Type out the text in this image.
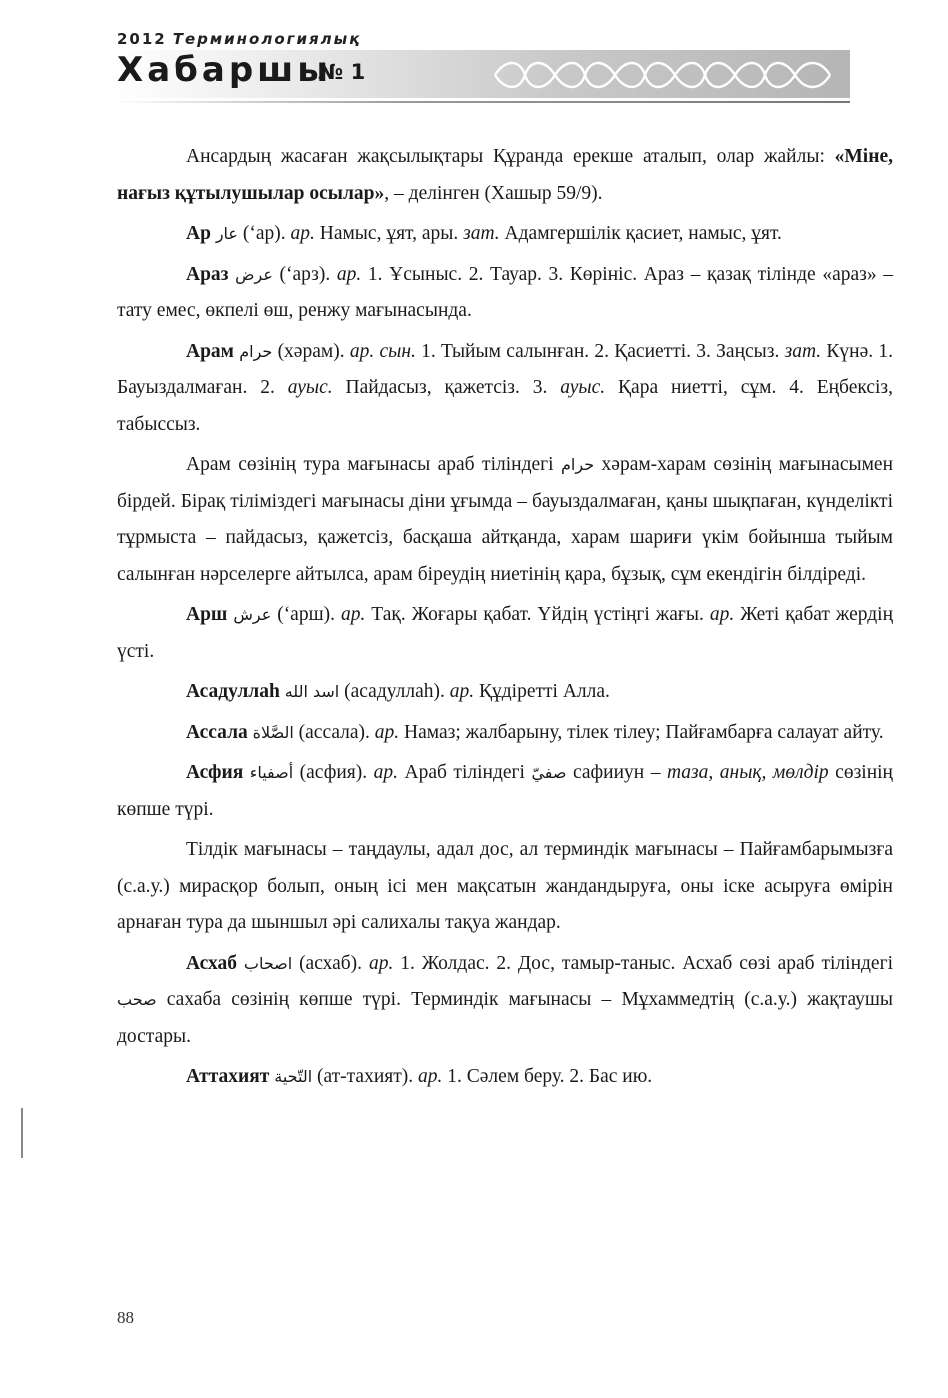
2012 Терминологиялық
Хабаршы
№ 1

Ансардың жасаған жақсылықтары Құранда ерекше аталып, олар жайлы: «Міне, нағыз құтылушылар осылар», – делінген (Хашыр 59/9).

Ар عار (‘ар). ар. Намыс, ұят, ары. зат. Адамгершілік қасиет, намыс, ұят.

Араз عرض (‘арз). ар. 1. Ұсыныс. 2. Тауар. 3. Көрініс. Араз – қазақ тілінде «араз» – тату емес, өкпелі өш, ренжу мағынасында.

Арам حرام (хәрам). ар. сын. 1. Тыйым салынған. 2. Қасиетті. 3. Заңсыз. зат. Күнә. 1. Бауыздалмаған. 2. ауыс. Пайдасыз, қажетсіз. 3. ауыс. Қара ниетті, сұм. 4. Еңбексіз, табыссыз.

Арам сөзінің тура мағынасы араб тіліндегі حرام хәрам-харам сөзінің мағынасымен бірдей. Бірақ тіліміздегі мағынасы діни ұғымда – бауыздалмаған, қаны шықпаған, күнделікті тұрмыста – пайдасыз, қажетсіз, басқаша айтқанда, харам шариғи үкім бойынша тыйым салынған нәрселерге айтылса, арам біреудің ниетінің қара, бұзық, сұм екендігін білдіреді.

Арш عرش (‘арш). ар. Тақ. Жоғары қабат. Үйдің үстіңгі жағы. ар. Жеті қабат жердің үсті.

Асадуллаһ اسد الله (асадуллаһ). ар. Құдіретті Алла.

Ассала الصَّلاة (ассала). ар. Намаз; жалбарыну, тілек тілеу; Пайғамбарға салауат айту.

Асфия أصفياء (асфия). ар. Араб тіліндегі صفيّ сафииун – таза, анық, мөлдір сөзінің көпше түрі.

Тілдік мағынасы – таңдаулы, адал дос, ал терминдік мағынасы – Пайғамбарымызға (с.а.у.) мирасқор болып, оның ісі мен мақсатын жандандыруға, оны іске асыруға өмірін арнаған тура да шыншыл әрі салихалы тақуа жандар.

Асхаб اصحاب (асхаб). ар. 1. Жолдас. 2. Дос, тамыр-таныс. Асхаб сөзі араб тіліндегі صحب сахаба сөзінің көпше түрі. Терминдік мағынасы – Мұхаммедтің (с.а.у.) жақтаушы достары.

Аттахият التّحية (ат-тахият). ар. 1. Сәлем беру. 2. Бас ию.

88
